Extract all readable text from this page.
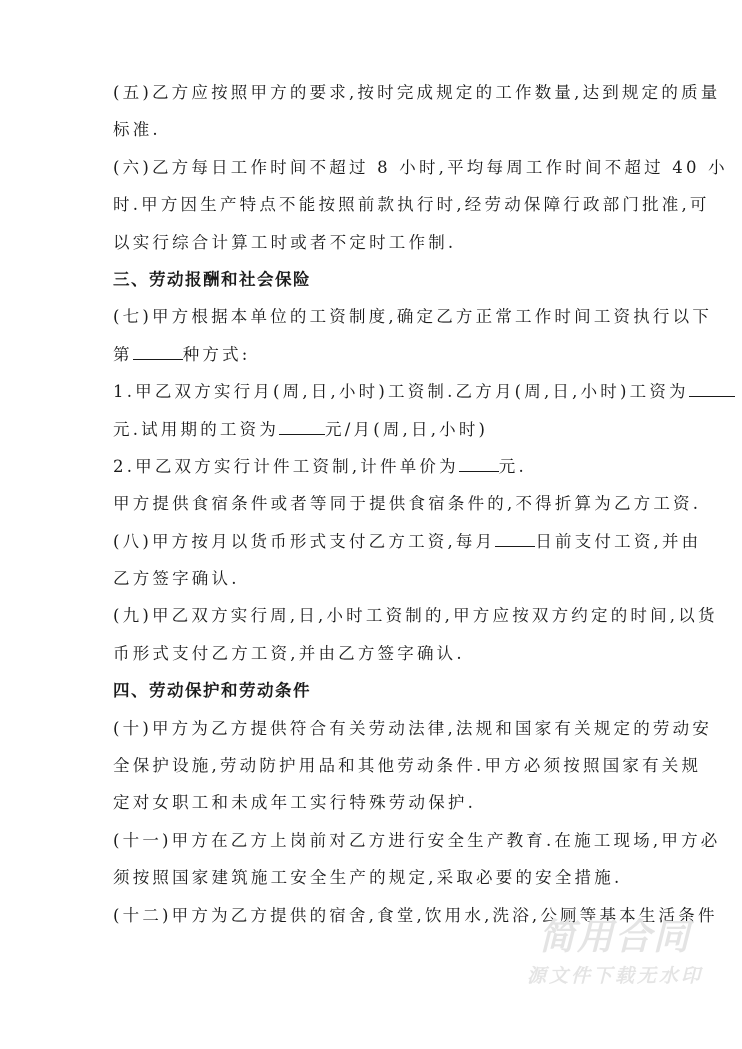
(五)乙方应按照甲方的要求,按时完成规定的工作数量,达到规定的质量
标准.
(六)乙方每日工作时间不超过 8 小时,平均每周工作时间不超过 40 小
时.甲方因生产特点不能按照前款执行时,经劳动保障行政部门批准,可
以实行综合计算工时或者不定时工作制.
三、劳动报酬和社会保险
(七)甲方根据本单位的工资制度,确定乙方正常工作时间工资执行以下
第	种方式:
1.甲乙双方实行月(周,日,小时)工资制.乙方月(周,日,小时)工资为
元.试用期的工资为	元/月(周,日,小时)
2.甲乙双方实行计件工资制,计件单价为 元.
甲方提供食宿条件或者等同于提供食宿条件的,不得折算为乙方工资.
(八)甲方按月以货币形式支付乙方工资,每月 日前支付工资,并由
乙方签字确认.
(九)甲乙双方实行周,日,小时工资制的,甲方应按双方约定的时间,以货
币形式支付乙方工资,并由乙方签字确认.
四、劳动保护和劳动条件
(十)甲方为乙方提供符合有关劳动法律,法规和国家有关规定的劳动安
全保护设施,劳动防护用品和其他劳动条件.甲方必须按照国家有关规
定对女职工和未成年工实行特殊劳动保护.
(十一)甲方在乙方上岗前对乙方进行安全生产教育.在施工现场,甲方必
须按照国家建筑施工安全生产的规定,采取必要的安全措施.
(十二)甲方为乙方提供的宿舍,食堂,饮用水,洗浴,公厕等基本生活条件
简用合同
源文件下载无水印
